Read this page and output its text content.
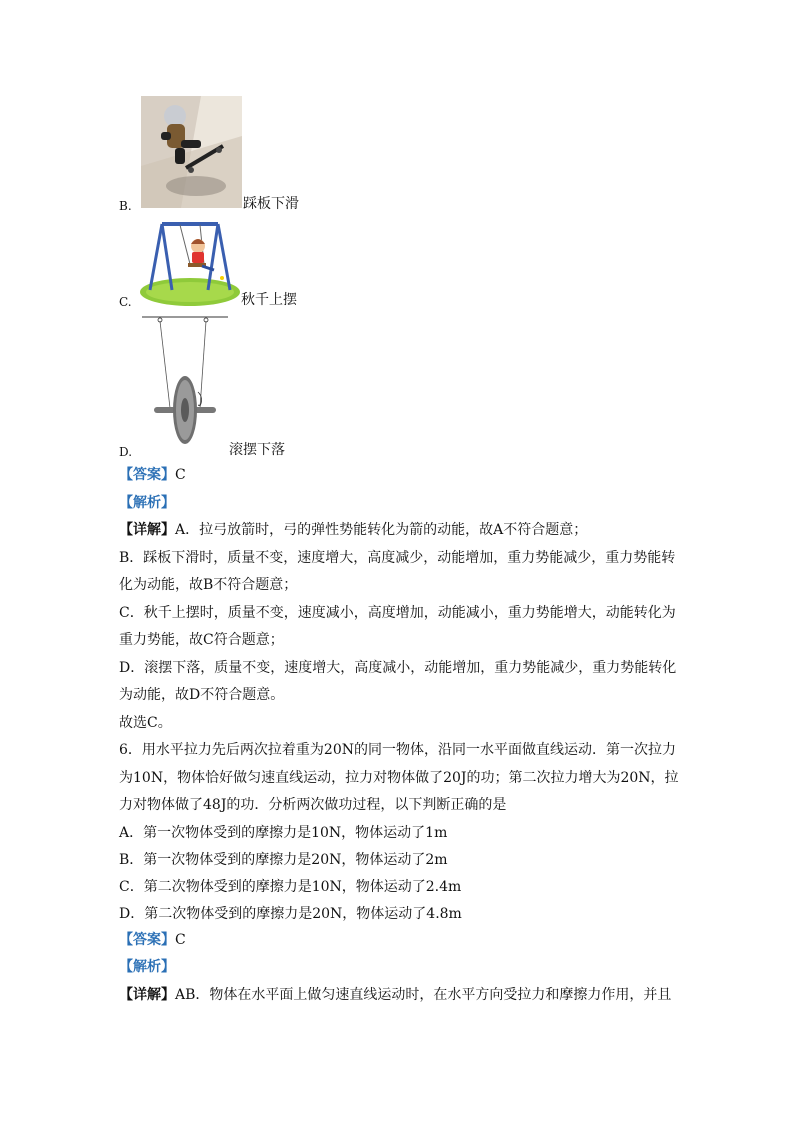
B.	踩板下滑
C.	秋千上摆
D.	滚摆下落
【答案】C
【解析】
【详解】A．拉弓放箭时，弓的弹性势能转化为箭的动能，故A不符合题意；
B．踩板下滑时，质量不变，速度增大，高度减少，动能增加，重力势能减少，重力势能转
化为动能，故B不符合题意；
C．秋千上摆时，质量不变，速度减小，高度增加，动能减小，重力势能增大，动能转化为
重力势能，故C符合题意；
D．滚摆下落，质量不变，速度增大，高度减小，动能增加，重力势能减少，重力势能转化
为动能，故D不符合题意。
故选C。
6．用水平拉力先后两次拉着重为20N的同一物体，沿同一水平面做直线运动．第一次拉力
为10N，物体恰好做匀速直线运动，拉力对物体做了20J的功；第二次拉力增大为20N，拉
力对物体做了48J的功．分析两次做功过程，以下判断正确的是
A．第一次物体受到的摩擦力是10N，物体运动了1m
B．第一次物体受到的摩擦力是20N，物体运动了2m
C．第二次物体受到的摩擦力是10N，物体运动了2.4m
D．第二次物体受到的摩擦力是20N，物体运动了4.8m
【答案】C
【解析】
【详解】AB．物体在水平面上做匀速直线运动时，在水平方向受拉力和摩擦力作用，并且
